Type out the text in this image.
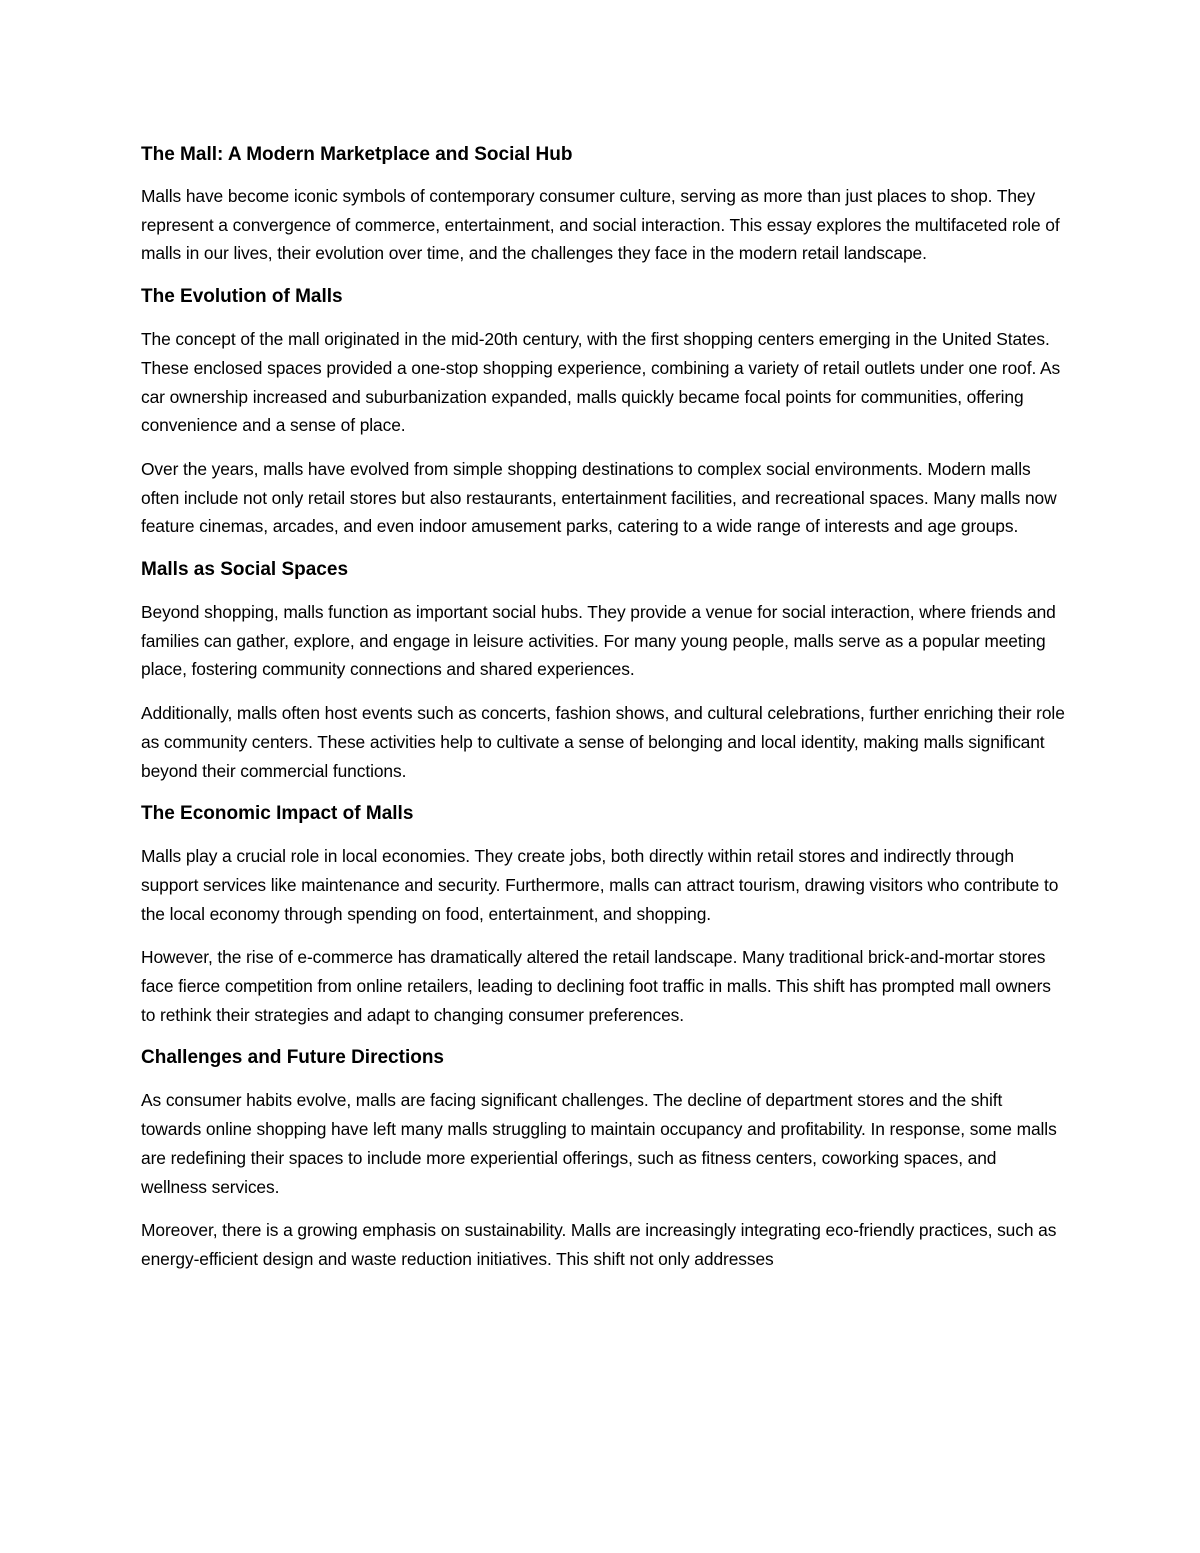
The Mall: A Modern Marketplace and Social Hub

Malls have become iconic symbols of contemporary consumer culture, serving as more than just places to shop. They represent a convergence of commerce, entertainment, and social interaction. This essay explores the multifaceted role of malls in our lives, their evolution over time, and the challenges they face in the modern retail landscape.

The Evolution of Malls

The concept of the mall originated in the mid-20th century, with the first shopping centers emerging in the United States. These enclosed spaces provided a one-stop shopping experience, combining a variety of retail outlets under one roof. As car ownership increased and suburbanization expanded, malls quickly became focal points for communities, offering convenience and a sense of place.

Over the years, malls have evolved from simple shopping destinations to complex social environments. Modern malls often include not only retail stores but also restaurants, entertainment facilities, and recreational spaces. Many malls now feature cinemas, arcades, and even indoor amusement parks, catering to a wide range of interests and age groups.

Malls as Social Spaces

Beyond shopping, malls function as important social hubs. They provide a venue for social interaction, where friends and families can gather, explore, and engage in leisure activities. For many young people, malls serve as a popular meeting place, fostering community connections and shared experiences.

Additionally, malls often host events such as concerts, fashion shows, and cultural celebrations, further enriching their role as community centers. These activities help to cultivate a sense of belonging and local identity, making malls significant beyond their commercial functions.

The Economic Impact of Malls

Malls play a crucial role in local economies. They create jobs, both directly within retail stores and indirectly through support services like maintenance and security. Furthermore, malls can attract tourism, drawing visitors who contribute to the local economy through spending on food, entertainment, and shopping.

However, the rise of e-commerce has dramatically altered the retail landscape. Many traditional brick-and-mortar stores face fierce competition from online retailers, leading to declining foot traffic in malls. This shift has prompted mall owners to rethink their strategies and adapt to changing consumer preferences.

Challenges and Future Directions

As consumer habits evolve, malls are facing significant challenges. The decline of department stores and the shift towards online shopping have left many malls struggling to maintain occupancy and profitability. In response, some malls are redefining their spaces to include more experiential offerings, such as fitness centers, coworking spaces, and wellness services.

Moreover, there is a growing emphasis on sustainability. Malls are increasingly integrating eco-friendly practices, such as energy-efficient design and waste reduction initiatives. This shift not only addresses
